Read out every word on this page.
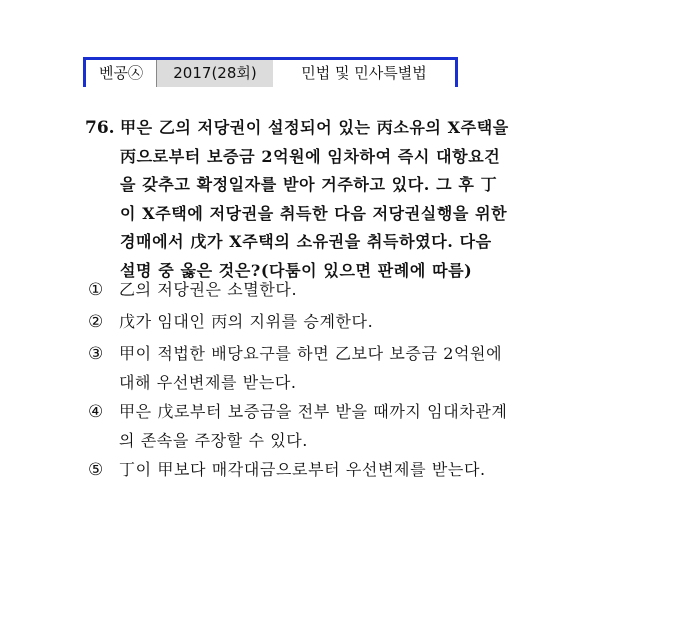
벤공㉦	2017(28회)	민법 및 민사특별법
76. 甲은 乙의 저당권이 설정되어 있는 丙소유의 X주택을
丙으로부터 보증금 2억원에 임차하여 즉시 대항요건
을 갖추고 확정일자를 받아 거주하고 있다. 그 후 丁
이 X주택에 저당권을 취득한 다음 저당권실행을 위한
경매에서 戊가 X주택의 소유권을 취득하였다. 다음
설명 중 옳은 것은?(다툼이 있으면 판례에 따름)
① 乙의 저당권은 소멸한다.
② 戊가 임대인 丙의 지위를 승계한다.
③ 甲이 적법한 배당요구를 하면 乙보다 보증금 2억원에
대해 우선변제를 받는다.
④ 甲은 戊로부터 보증금을 전부 받을 때까지 임대차관계
의 존속을 주장할 수 있다.
⑤ 丁이 甲보다 매각대금으로부터 우선변제를 받는다.
